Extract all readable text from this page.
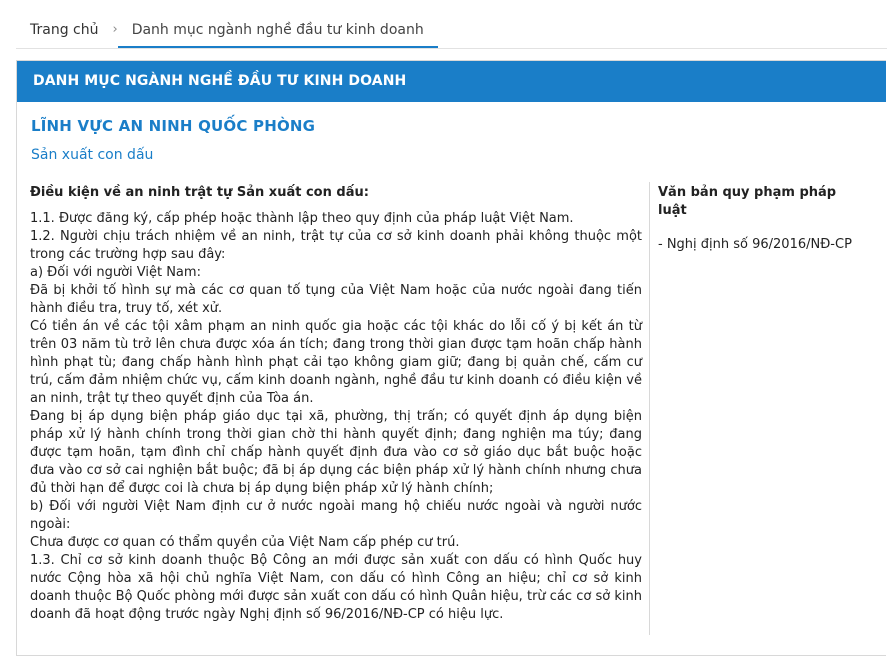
Trang chủ	›	Danh mục ngành nghề đầu tư kinh doanh
DANH MỤC NGÀNH NGHỀ ĐẦU TƯ KINH DOANH
LĨNH VỰC AN NINH QUỐC PHÒNG
Sản xuất con dấu
Điều kiện về an ninh trật tự Sản xuất con dấu:

1.1. Được đăng ký, cấp phép hoặc thành lập theo quy định của pháp luật Việt Nam.

1.2. Người chịu trách nhiệm về an ninh, trật tự của cơ sở kinh doanh phải không thuộc một trong các trường hợp sau đây:

a) Đối với người Việt Nam:

Đã bị khởi tố hình sự mà các cơ quan tố tụng của Việt Nam hoặc của nước ngoài đang tiến hành điều tra, truy tố, xét xử.

Có tiền án về các tội xâm phạm an ninh quốc gia hoặc các tội khác do lỗi cố ý bị kết án từ trên 03 năm tù trở lên chưa được xóa án tích; đang trong thời gian được tạm hoãn chấp hành hình phạt tù; đang chấp hành hình phạt cải tạo không giam giữ; đang bị quản chế, cấm cư trú, cấm đảm nhiệm chức vụ, cấm kinh doanh ngành, nghề đầu tư kinh doanh có điều kiện về an ninh, trật tự theo quyết định của Tòa án.

Đang bị áp dụng biện pháp giáo dục tại xã, phường, thị trấn; có quyết định áp dụng biện pháp xử lý hành chính trong thời gian chờ thi hành quyết định; đang nghiện ma túy; đang được tạm hoãn, tạm đình chỉ chấp hành quyết định đưa vào cơ sở giáo dục bắt buộc hoặc đưa vào cơ sở cai nghiện bắt buộc; đã bị áp dụng các biện pháp xử lý hành chính nhưng chưa đủ thời hạn để được coi là chưa bị áp dụng biện pháp xử lý hành chính;

b) Đối với người Việt Nam định cư ở nước ngoài mang hộ chiếu nước ngoài và người nước ngoài:

Chưa được cơ quan có thẩm quyền của Việt Nam cấp phép cư trú.

1.3. Chỉ cơ sở kinh doanh thuộc Bộ Công an mới được sản xuất con dấu có hình Quốc huy nước Cộng hòa xã hội chủ nghĩa Việt Nam, con dấu có hình Công an hiệu; chỉ cơ sở kinh doanh thuộc Bộ Quốc phòng mới được sản xuất con dấu có hình Quân hiệu, trừ các cơ sở kinh doanh đã hoạt động trước ngày Nghị định số 96/2016/NĐ-CP có hiệu lực.

Văn bản quy phạm pháp luật
- Nghị định số 96/2016/NĐ-CP
